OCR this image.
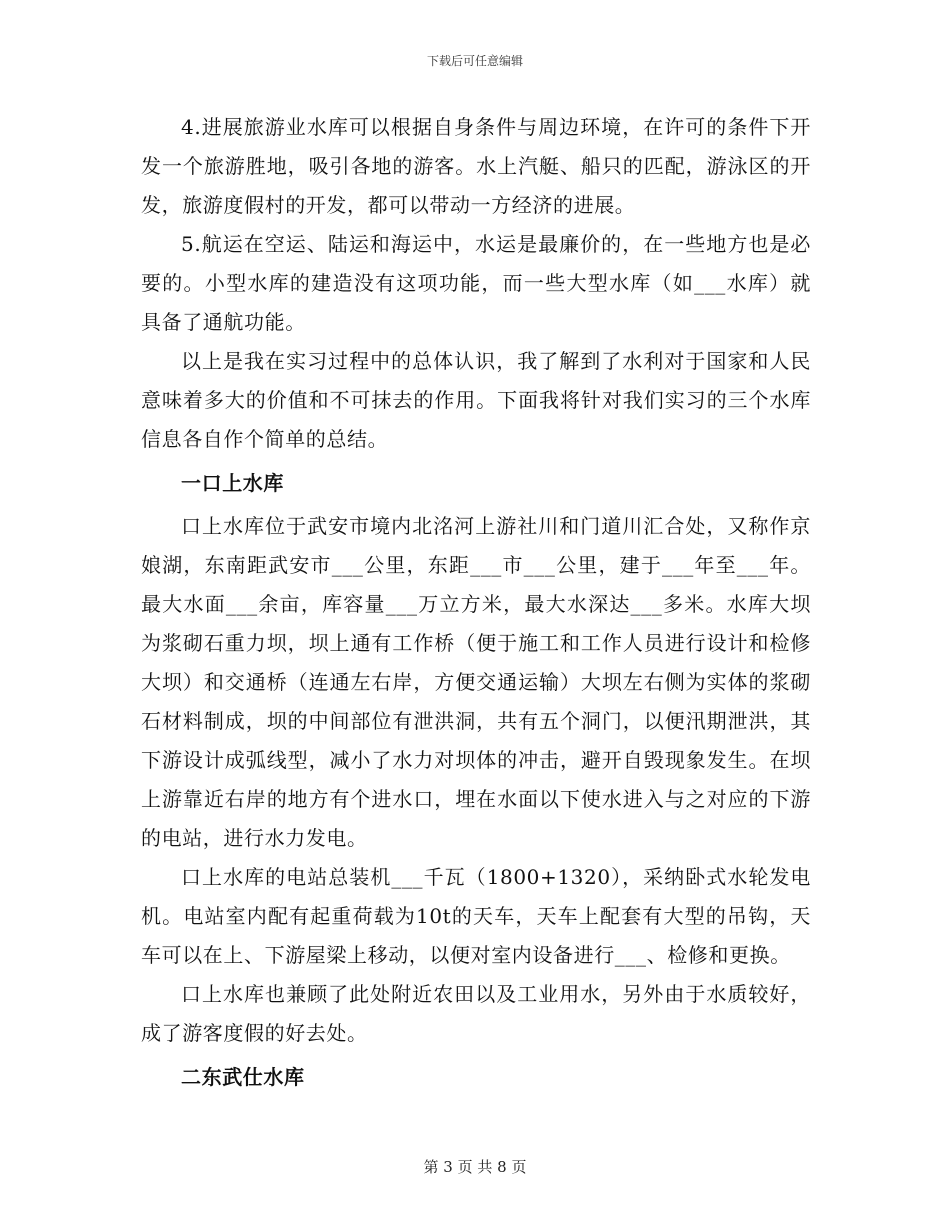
下载后可任意编辑

4.进展旅游业水库可以根据自身条件与周边环境，在许可的条件下开发一个旅游胜地，吸引各地的游客。水上汽艇、船只的匹配，游泳区的开发，旅游度假村的开发，都可以带动一方经济的进展。

5.航运在空运、陆运和海运中，水运是最廉价的，在一些地方也是必要的。小型水库的建造没有这项功能，而一些大型水库（如___水库）就具备了通航功能。

以上是我在实习过程中的总体认识，我了解到了水利对于国家和人民意味着多大的价值和不可抹去的作用。下面我将针对我们实习的三个水库信息各自作个简单的总结。

一口上水库

口上水库位于武安市境内北洺河上游社川和门道川汇合处，又称作京娘湖，东南距武安市___公里，东距___市___公里，建于___年至___年。最大水面___余亩，库容量___万立方米，最大水深达___多米。水库大坝为浆砌石重力坝，坝上通有工作桥（便于施工和工作人员进行设计和检修大坝）和交通桥（连通左右岸，方便交通运输）大坝左右侧为实体的浆砌石材料制成，坝的中间部位有泄洪洞，共有五个洞门，以便汛期泄洪，其下游设计成弧线型，减小了水力对坝体的冲击，避开自毁现象发生。在坝上游靠近右岸的地方有个进水口，埋在水面以下使水进入与之对应的下游的电站，进行水力发电。

口上水库的电站总装机___千瓦（1800+1320），采纳卧式水轮发电机。电站室内配有起重荷载为10t的天车，天车上配套有大型的吊钩，天车可以在上、下游屋梁上移动，以便对室内设备进行___、检修和更换。

口上水库也兼顾了此处附近农田以及工业用水，另外由于水质较好，成了游客度假的好去处。

二东武仕水库
第 3 页 共 8 页
